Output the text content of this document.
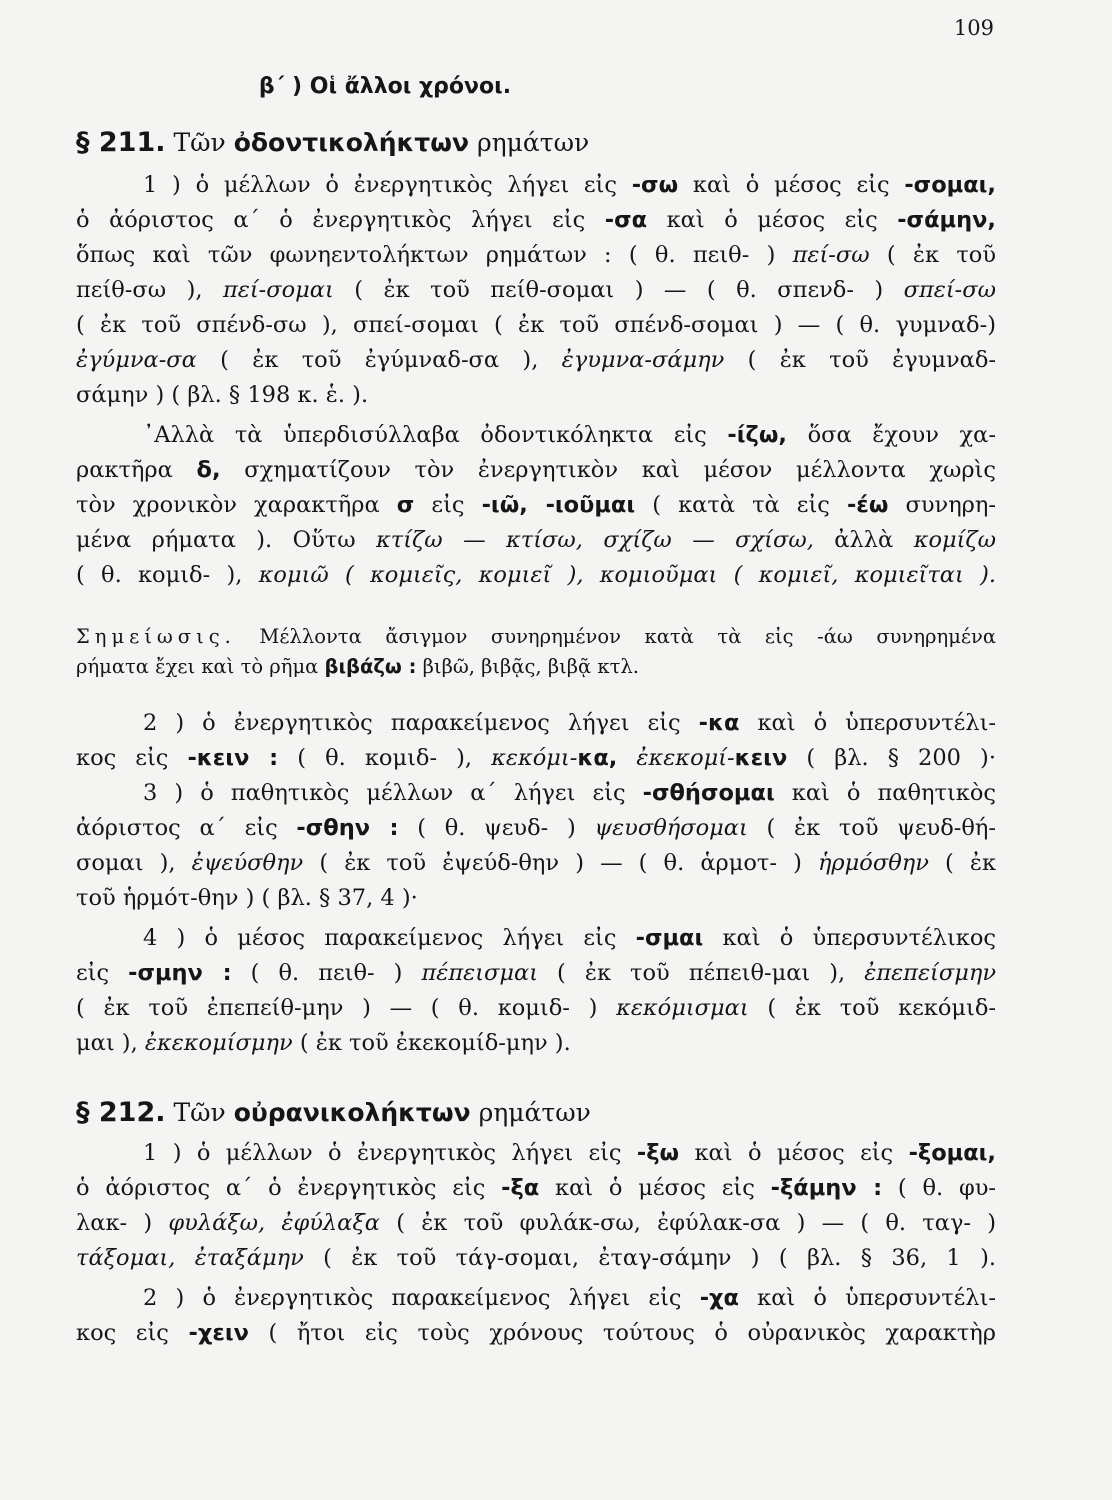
109
β΄ ) Οἱ ἄλλοι χρόνοι.
§ 211. Τῶν ὀδοντικολήκτων ρημάτων
1 ) ὁ μέλλων ὁ ἐνεργητικὸς λήγει εἰς -σω καὶ ὁ μέσος εἰς -σομαι,
ὁ ἀόριστος α΄ ὁ ἐνεργητικὸς λήγει εἰς -σα καὶ ὁ μέσος εἰς -σάμην,
ὅπως καὶ τῶν φωνηεντολήκτων ρημάτων : ( θ. πειθ- ) πεί-σω ( ἐκ τοῦ
πείθ-σω ), πεί-σομαι ( ἐκ τοῦ πείθ-σομαι ) — ( θ. σπενδ- ) σπεί-σω
( ἐκ τοῦ σπένδ-σω ), σπεί-σομαι ( ἐκ τοῦ σπένδ-σομαι ) — ( θ. γυμναδ-)
ἐγύμνα-σα ( ἐκ τοῦ ἐγύμναδ-σα ), ἐγυμνα-σάμην ( ἐκ τοῦ ἐγυμναδ-
σάμην ) ( βλ. § 198 κ. ἑ. ).
᾿Αλλὰ τὰ ὑπερδισύλλαβα ὀδοντικόληκτα εἰς -ίζω, ὅσα ἔχουν χα-
ρακτῆρα δ, σχηματίζουν τὸν ἐνεργητικὸν καὶ μέσον μέλλοντα χωρὶς
τὸν χρονικὸν χαρακτῆρα σ εἰς -ιῶ, -ιοῦμαι ( κατὰ τὰ εἰς -έω συνηρη-
μένα ρήματα ). Οὕτω κτίζω — κτίσω, σχίζω — σχίσω, ἀλλὰ κομίζω
( θ. κομιδ- ), κομιῶ ( κομιεῖς, κομιεῖ ), κομιοῦμαι ( κομιεῖ, κομιεῖται ).
Σημείωσις. Μέλλοντα ἄσιγμον συνηρημένον κατὰ τὰ εἰς -άω συνηρημένα
ρήματα ἔχει καὶ τὸ ρῆμα βιβάζω : βιβῶ, βιβᾷς, βιβᾷ κτλ.
2 ) ὁ ἐνεργητικὸς παρακείμενος λήγει εἰς -κα καὶ ὁ ὑπερσυντέλι-
κος εἰς -κειν : ( θ. κομιδ- ), κεκόμι-κα, ἐκεκομί-κειν ( βλ. § 200 )·
3 ) ὁ παθητικὸς μέλλων α΄ λήγει εἰς -σθήσομαι καὶ ὁ παθητικὸς
ἀόριστος α΄ εἰς -σθην : ( θ. ψευδ- ) ψευσθήσομαι ( ἐκ τοῦ ψευδ-θή-
σομαι ), ἐψεύσθην ( ἐκ τοῦ ἐψεύδ-θην ) — ( θ. ἁρμοτ- ) ἡρμόσθην ( ἐκ
τοῦ ἡρμότ-θην ) ( βλ. § 37, 4 )·
4 ) ὁ μέσος παρακείμενος λήγει εἰς -σμαι καὶ ὁ ὑπερσυντέλικος
εἰς -σμην : ( θ. πειθ- ) πέπεισμαι ( ἐκ τοῦ πέπειθ-μαι ), ἐπεπείσμην
( ἐκ τοῦ ἐπεπείθ-μην ) — ( θ. κομιδ- ) κεκόμισμαι ( ἐκ τοῦ κεκόμιδ-
μαι ), ἐκεκομίσμην ( ἐκ τοῦ ἐκεκομίδ-μην ).
§ 212. Τῶν οὐρανικολήκτων ρημάτων
1 ) ὁ μέλλων ὁ ἐνεργητικὸς λήγει εἰς -ξω καὶ ὁ μέσος εἰς -ξομαι,
ὁ ἀόριστος α΄ ὁ ἐνεργητικὸς εἰς -ξα καὶ ὁ μέσος εἰς -ξάμην : ( θ. φυ-
λακ- ) φυλάξω, ἐφύλαξα ( ἐκ τοῦ φυλάκ-σω, ἐφύλακ-σα ) — ( θ. ταγ- )
τάξομαι, ἐταξάμην ( ἐκ τοῦ τάγ-σομαι, ἐταγ-σάμην ) ( βλ. § 36, 1 ).
2 ) ὁ ἐνεργητικὸς παρακείμενος λήγει εἰς -χα καὶ ὁ ὑπερσυντέλι-
κος εἰς -χειν ( ἤτοι εἰς τοὺς χρόνους τούτους ὁ οὐρανικὸς χαρακτὴρ
